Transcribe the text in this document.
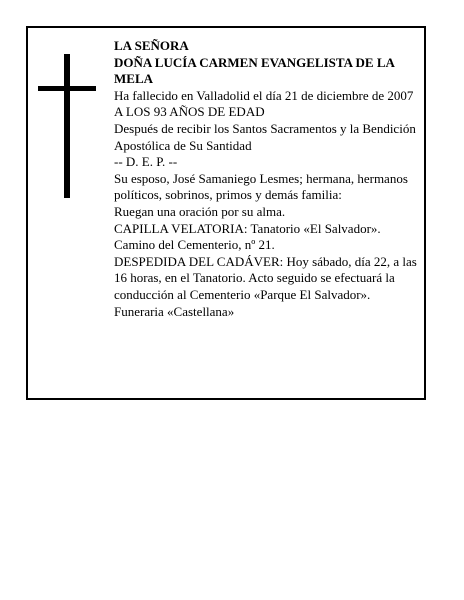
LA SEÑORA

DOÑA LUCÍA CARMEN EVANGELISTA DE LA MELA

Ha fallecido en Valladolid el día 21 de diciembre de 2007

A LOS 93 AÑOS DE EDAD

Después de recibir los Santos Sacramentos y la Bendición Apostólica de Su Santidad

-- D. E. P. --

Su esposo, José Samaniego Lesmes; hermana, hermanos políticos, sobrinos, primos y demás familia:

Ruegan una oración por su alma.

CAPILLA VELATORIA: Tanatorio «El Salvador». Camino del Cementerio, nº 21.

DESPEDIDA DEL CADÁVER: Hoy sábado, día 22, a las 16 horas, en el Tanatorio. Acto seguido se efectuará la conducción al Cementerio «Parque El Salvador».

Funeraria «Castellana»
